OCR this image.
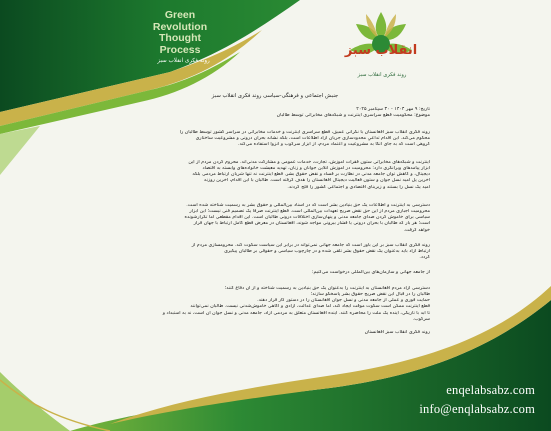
Green
Revolution
Thought
Process
روند فکری انقلاب سبز
انقلاب سبز
روند فکری انقلاب سبز
جنبش اجتماعی و فرهنگی-سیاسی روند فکری انقلاب سبز
تاریخ: ۹ مهر ۱۴۰۴ - ۳۰ سپتامبر ۲۰۲۵
موضوع: محکومیت قطع سراسری اینترنت و شبکه‌های مخابراتی توسط طالبان
روند فکری انقلاب سبز افغانستان با نگرانی عمیق، قطع سراسری اینترنت و خدمات مخابراتی در سراسر کشور توسط طالبان را
محکوم می‌کند. این اقدام تداعیِ محدودسازی جریان آزاد اطلاعات است، بلکه نشانه بحران درونی و مشروعیت ساختاری
گروهی است که به جای اتکا به مشروعیت و اعتماد مردم، از ابزار سرکوب و انزوا استفاده می‌کند.
اینترنت و شبکه‌های مخابراتی ستون فقرات آموزش، تجارت، خدمات عمومی و مشارکت مدنی‌اند. محروم کردن مردم از این
ابزار پیامدهای ویرانگری دارد: محرومیت در آموزش آنلاین جوانان و زنان، تهدید معیشت خانواده‌های وابسته به اقتصاد
دیجیتال، و کاهش توان جامعه مدنی در نظارت بر فساد و نقض حقوق بشر. قطع اینترنت نه تنها شریان ارتباط مردمی بلکه
آخرین پل امید نسل جوان و ستون فعالیت دیجیتال افغانستان را هدف گرفته است. طالبان با این اقدام، آخرین روزنه
امید یک نسل را بستند و زیربنای اقتصادی و اجتماعی کشور را فلج کردند.
دسترسی به اینترنت و اطلاعات یک حق بنیادین بشر است که در اسناد بین‌المللی و حقوق بشر به رسمیت شناخته شده است.
محرومیت اجباری مردم از این حق نقض صریح تعهدات بین‌المللی است. قطع اینترنت صرفاً یک تصمیم فنی نیست؛ این ابزار
سیاسی برای خاموش کردن صدای جامعه مدنی و پنهان‌سازی اختلافات درونی طالبان است. این اقدام مقطعی اما تکرارشونده
است؛ هر بار که طالبان با بحران درونی یا فشار بیرونی مواجه شوند، افغانستان در معرض قطع کامل ارتباط با جهان قرار
خواهد گرفت.
روند فکری انقلاب سبز بر این باور است که جامعه جهانی نمی‌تواند در برابر این سیاست سکوت کند. محرومسازی مردم از
ارتباط آزاد باید به‌عنوان یک نقض حقوق بشر تلقی شده و در چارچوب سیاسی و حقوقی بر طالبان پیگیری
گردد.
از جامعه جهانی و سازمان‌های بین‌المللی درخواست می‌کنیم:
دسترسی آزاد مردم افغانستان به اینترنت را به‌عنوان یک حق بنیادین به رسمیت شناخته و از آن دفاع کنند؛
طالبان را در قبال این نقض صریح حقوق بشر پاسخگو سازند؛
حمایت فوری و عملی از جامعه مدنی و نسل جوان افغانستان را در دستور کار قرار دهند.
قطع اینترنت ممکن است سکوت موقت ایجاد کند، اما صدای عدالت، آزادی و آگاهی خاموش‌شدنی نیست. طالبان نمی‌توانند
تا ابد با تاریکی، آینده یک ملت را محاصره کنند. آینده افغانستان متعلق به مردمی آزاد، جامعه مدنی و نسل جوان آن است، نه به استبداد و
سرکوب.
روند فکری انقلاب سبز افغانستان
enqelabsabz.com
info@enqlabsabz.com
